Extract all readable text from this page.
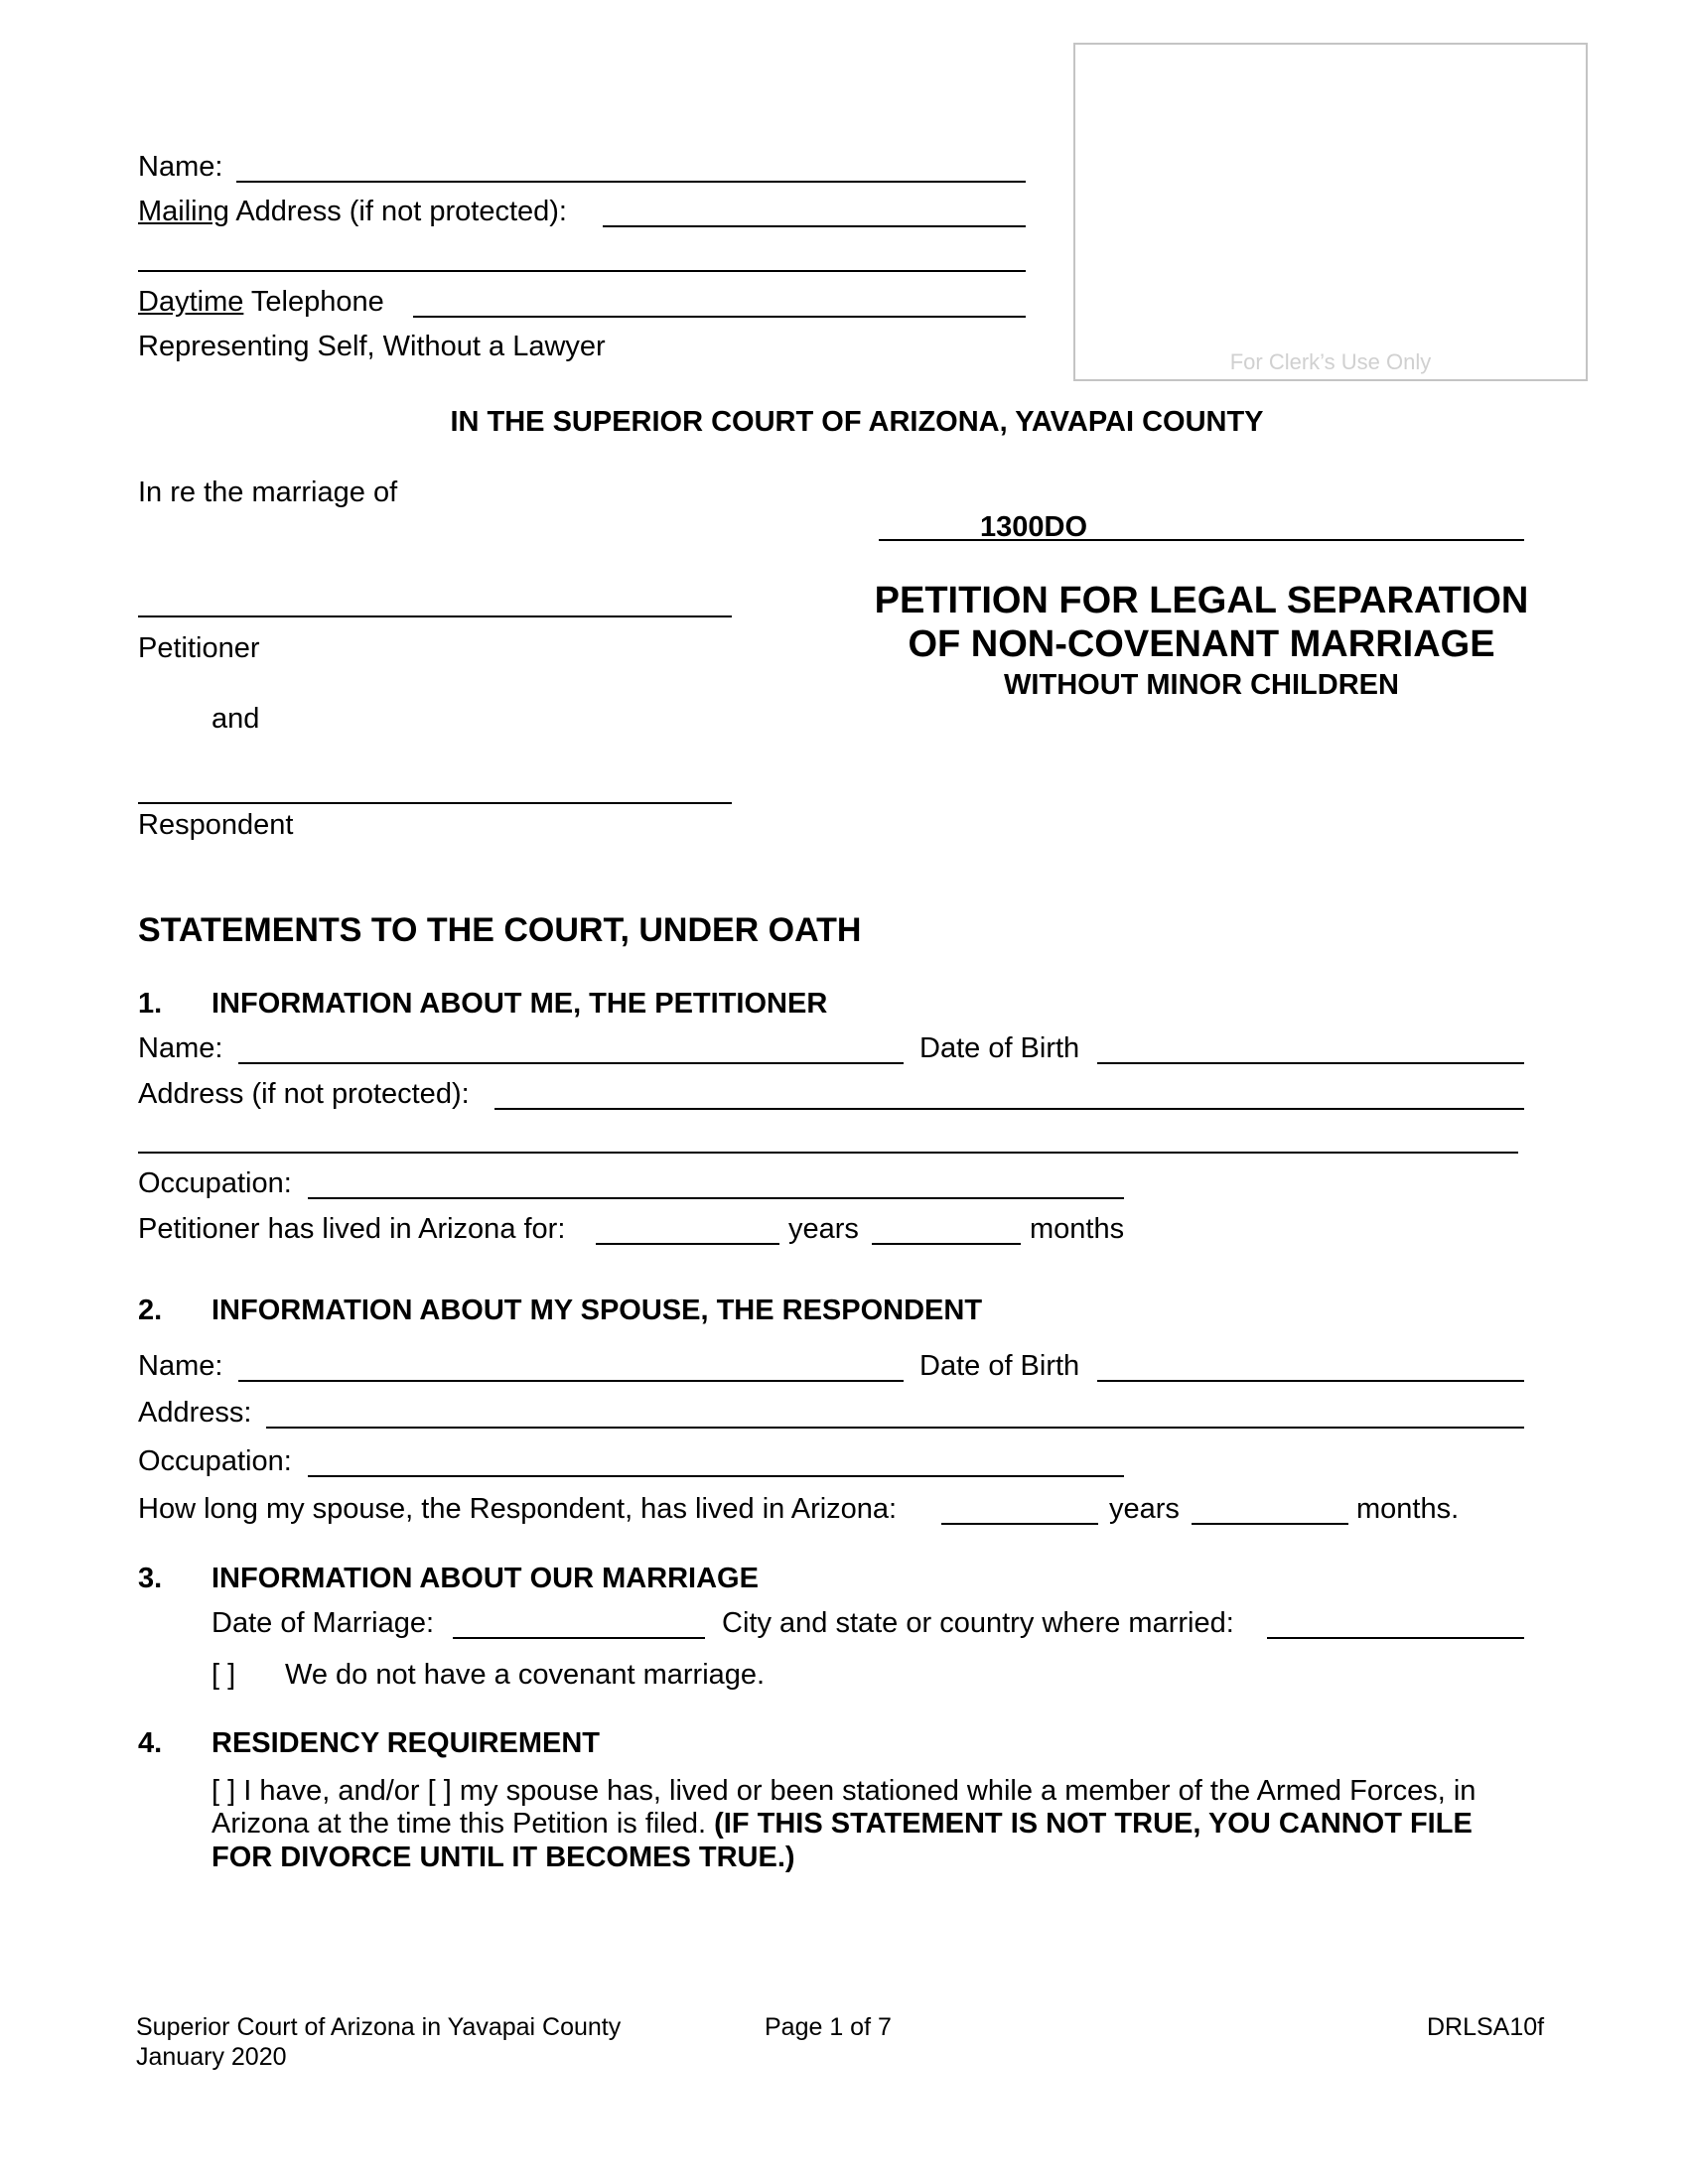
Name:
Mailing Address (if not protected):
Daytime Telephone
Representing Self, Without a Lawyer	For Clerk’s Use Only
IN THE SUPERIOR COURT OF ARIZONA, YAVAPAI COUNTY
In re the marriage of
Petitioner
and
Respondent
1300DO
PETITION FOR LEGAL SEPARATION
OF NON-COVENANT MARRIAGE
WITHOUT MINOR CHILDREN
STATEMENTS TO THE COURT, UNDER OATH
1. INFORMATION ABOUT ME, THE PETITIONER
Name:	Date of Birth
Address (if not protected):
Occupation:
Petitioner has lived in Arizona for:	years	months
2. INFORMATION ABOUT MY SPOUSE, THE RESPONDENT
Name:	Date of Birth
Address:
Occupation:
How long my spouse, the Respondent, has lived in Arizona:	years	months.
3. INFORMATION ABOUT OUR MARRIAGE
Date of Marriage:	City and state or country where married:
[ ] We do not have a covenant marriage.
4. RESIDENCY REQUIREMENT
[ ] I have, and/or [ ] my spouse has, lived or been stationed while a member of the Armed Forces, in
Arizona at the time this Petition is filed. (IF THIS STATEMENT IS NOT TRUE, YOU CANNOT FILE
FOR DIVORCE UNTIL IT BECOMES TRUE.)
Superior Court of Arizona in Yavapai County
January 2020
Page 1 of 7	DRLSA10f
